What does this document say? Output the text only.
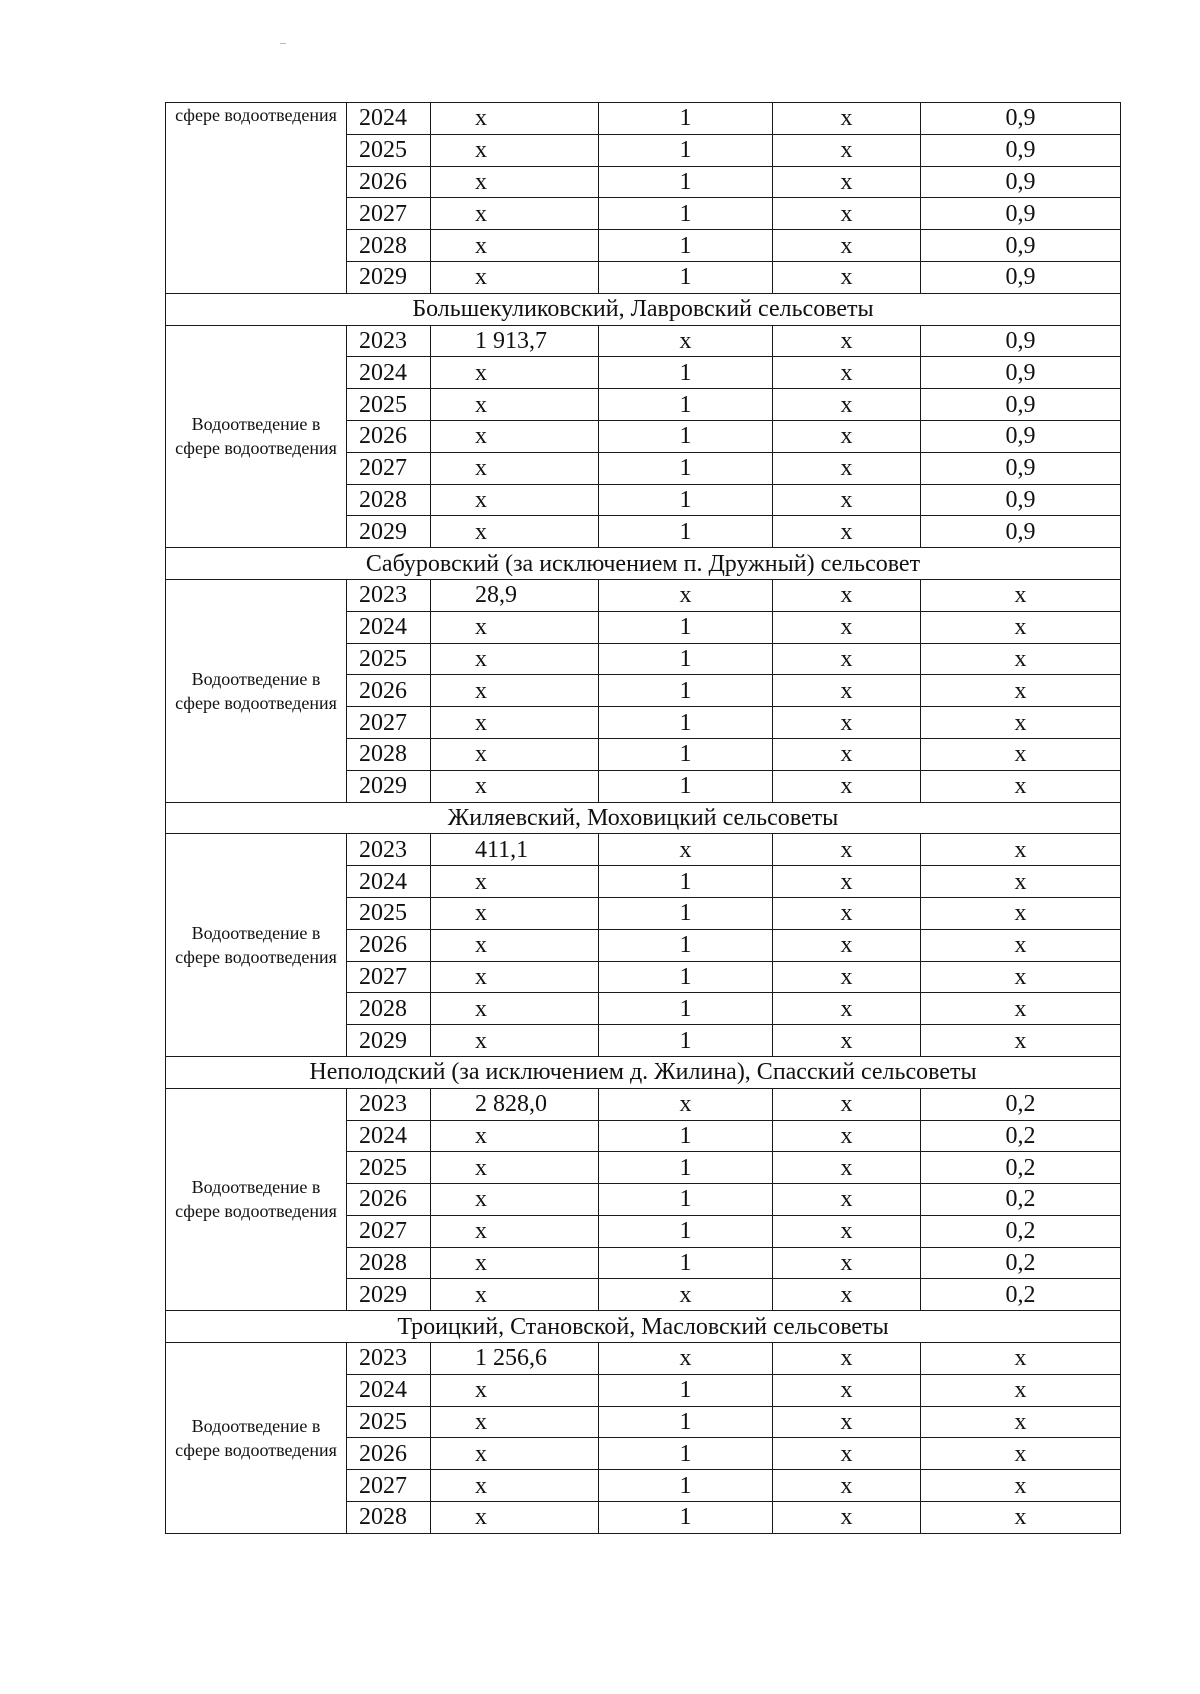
сфере водоотведения	2024	х	1	х	0,9
	2025	х	1	х	0,9
	2026	х	1	х	0,9
	2027	х	1	х	0,9
	2028	х	1	х	0,9
	2029	х	1	х	0,9
Большекуликовский, Лавровский сельсоветы					
Водоотведение в сфере водоотведения	2023	1 913,7	х	х	0,9
	2024	х	1	х	0,9
	2025	х	1	х	0,9
	2026	х	1	х	0,9
	2027	х	1	х	0,9
	2028	х	1	х	0,9
	2029	х	1	х	0,9
Сабуровский (за исключением п. Дружный) сельсовет					
Водоотведение в сфере водоотведения	2023	28,9	х	х	х
	2024	х	1	х	х
	2025	х	1	х	х
	2026	х	1	х	х
	2027	х	1	х	х
	2028	х	1	х	х
	2029	х	1	х	х
Жиляевский, Моховицкий сельсоветы					
Водоотведение в сфере водоотведения	2023	411,1	х	х	х
	2024	х	1	х	х
	2025	х	1	х	х
	2026	х	1	х	х
	2027	х	1	х	х
	2028	х	1	х	х
	2029	х	1	х	х
Неполодский (за исключением д. Жилина), Спасский сельсоветы					
Водоотведение в сфере водоотведения	2023	2 828,0	х	х	0,2
	2024	х	1	х	0,2
	2025	х	1	х	0,2
	2026	х	1	х	0,2
	2027	х	1	х	0,2
	2028	х	1	х	0,2
	2029	х	х	х	0,2
Троицкий, Становской, Масловский сельсоветы					
Водоотведение в сфере водоотведения	2023	1 256,6	х	х	х
	2024	х	1	х	х
	2025	х	1	х	х
	2026	х	1	х	х
	2027	х	1	х	х
	2028	х	1	х	х
